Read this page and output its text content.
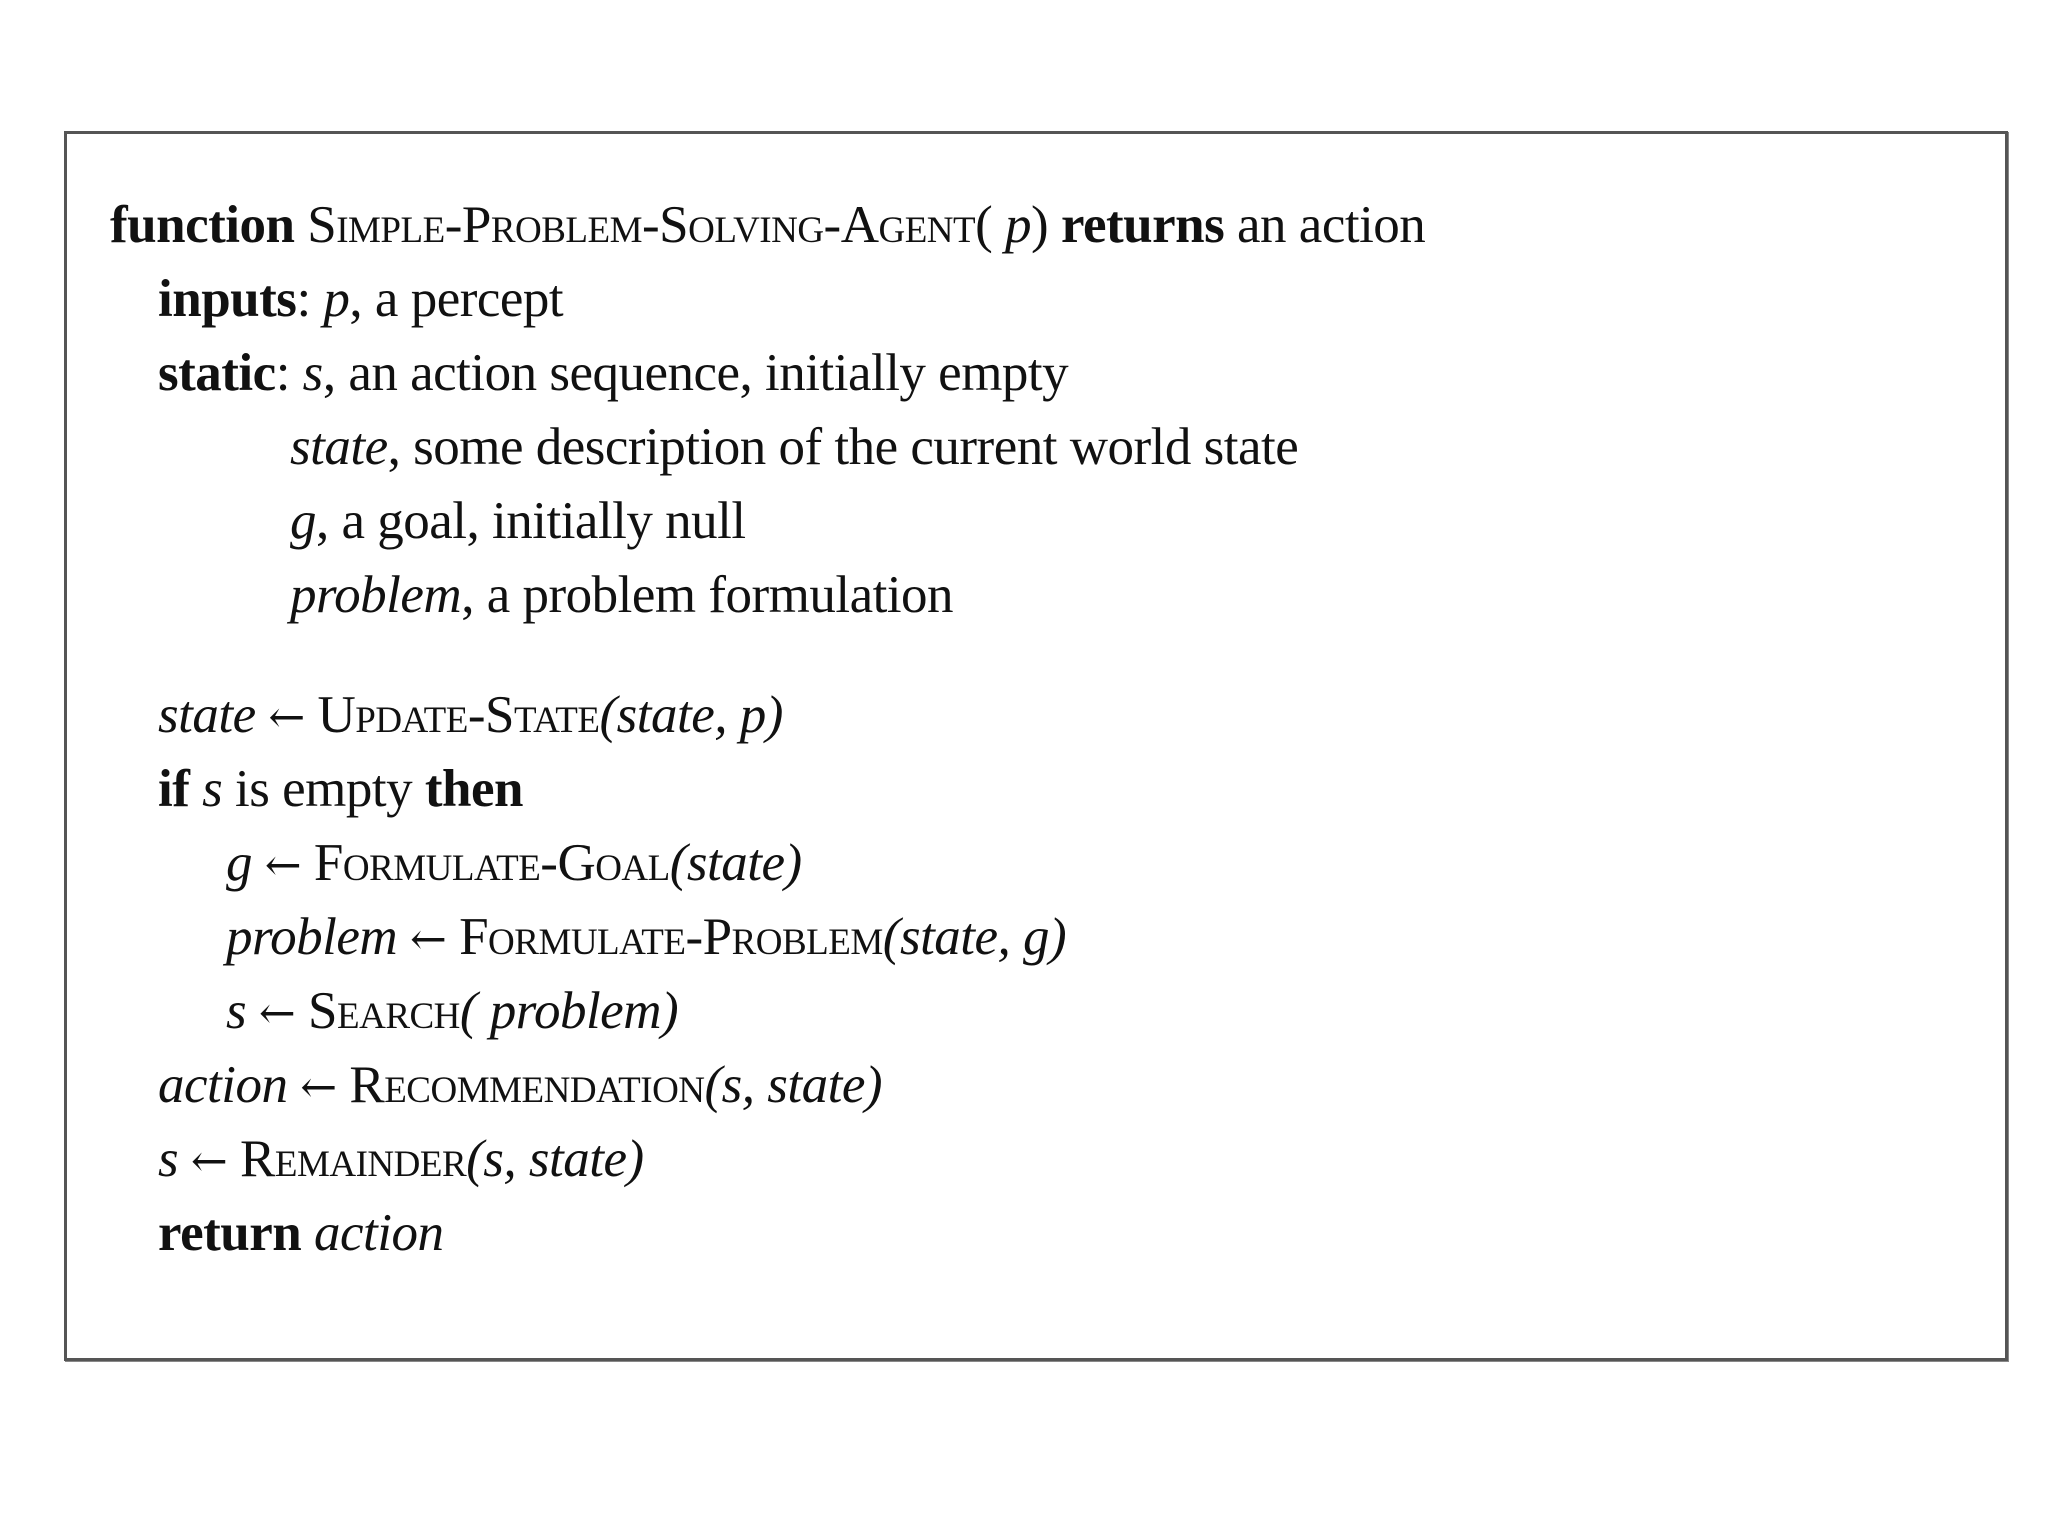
function Simple-Problem-Solving-Agent( p) returns an action
inputs: p, a percept
static: s, an action sequence, initially empty
state, some description of the current world state
g, a goal, initially null
problem, a problem formulation
state ← Update-State(state, p)
if s is empty then
g ← Formulate-Goal(state)
problem ← Formulate-Problem(state, g)
s ← Search( problem)
action ← Recommendation(s, state)
s ← Remainder(s, state)
return action
